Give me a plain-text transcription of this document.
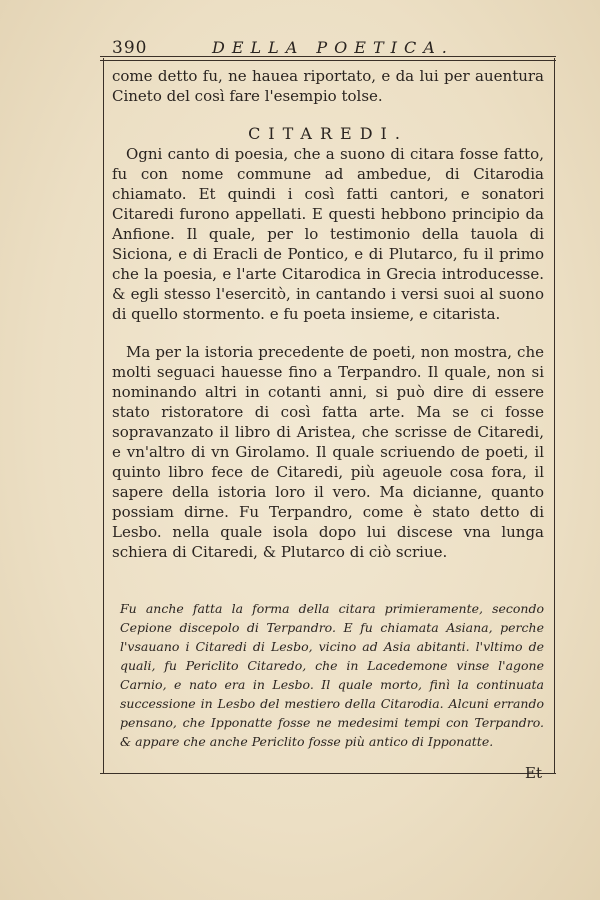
390	DELLA POETICA.

come detto fu, ne hauea riportato, e da lui per auentura Cineto del così fare l'esempio tolse.

CITAREDI.

Ogni canto di poesia, che a suono di citara fosse fatto, fu con nome commune ad ambedue, di Citarodia chiamato. Et quindi i così fatti cantori, e sonatori Citaredi furono appellati. E questi hebbono principio da Anfione. Il quale, per lo testimonio della tauola di Siciona, e di Eracli de Pontico, e di Plutarco, fu il primo che la poesia, e l'arte Citarodica in Grecia introducesse. & egli stesso l'esercitò, in cantando i versi suoi al suono di quello stormento. e fu poeta insieme, e citarista.

Ma per la istoria precedente de poeti, non mostra, che molti seguaci hauesse fino a Terpandro. Il quale, non si nominando altri in cotanti anni, si può dire di essere stato ristoratore di così fatta arte. Ma se ci fosse sopravanzato il libro di Aristea, che scrisse de Citaredi, e vn'altro di vn Girolamo. Il quale scriuendo de poeti, il quinto libro fece de Citaredi, più ageuole cosa fora, il sapere della istoria loro il vero. Ma dicianne, quanto possiam dirne. Fu Terpandro, come è stato detto di Lesbo. nella quale isola dopo lui discese vna lunga schiera di Citaredi, & Plutarco di ciò scriue.

Fu anche fatta la forma della citara primieramente, secondo Cepione discepolo di Terpandro. E fu chiamata Asiana, perche l'vsauano i Citaredi di Lesbo, vicino ad Asia abitanti. l'vltimo de quali, fu Periclito Citaredo, che in Lacedemone vinse l'agone Carnio, e nato era in Lesbo. Il quale morto, finì la continuata successione in Lesbo del mestiero della Citarodia. Alcuni errando pensano, che Ipponatte fosse ne medesimi tempi con Terpandro. & appare che anche Periclito fosse più antico di Ipponatte.

Et
